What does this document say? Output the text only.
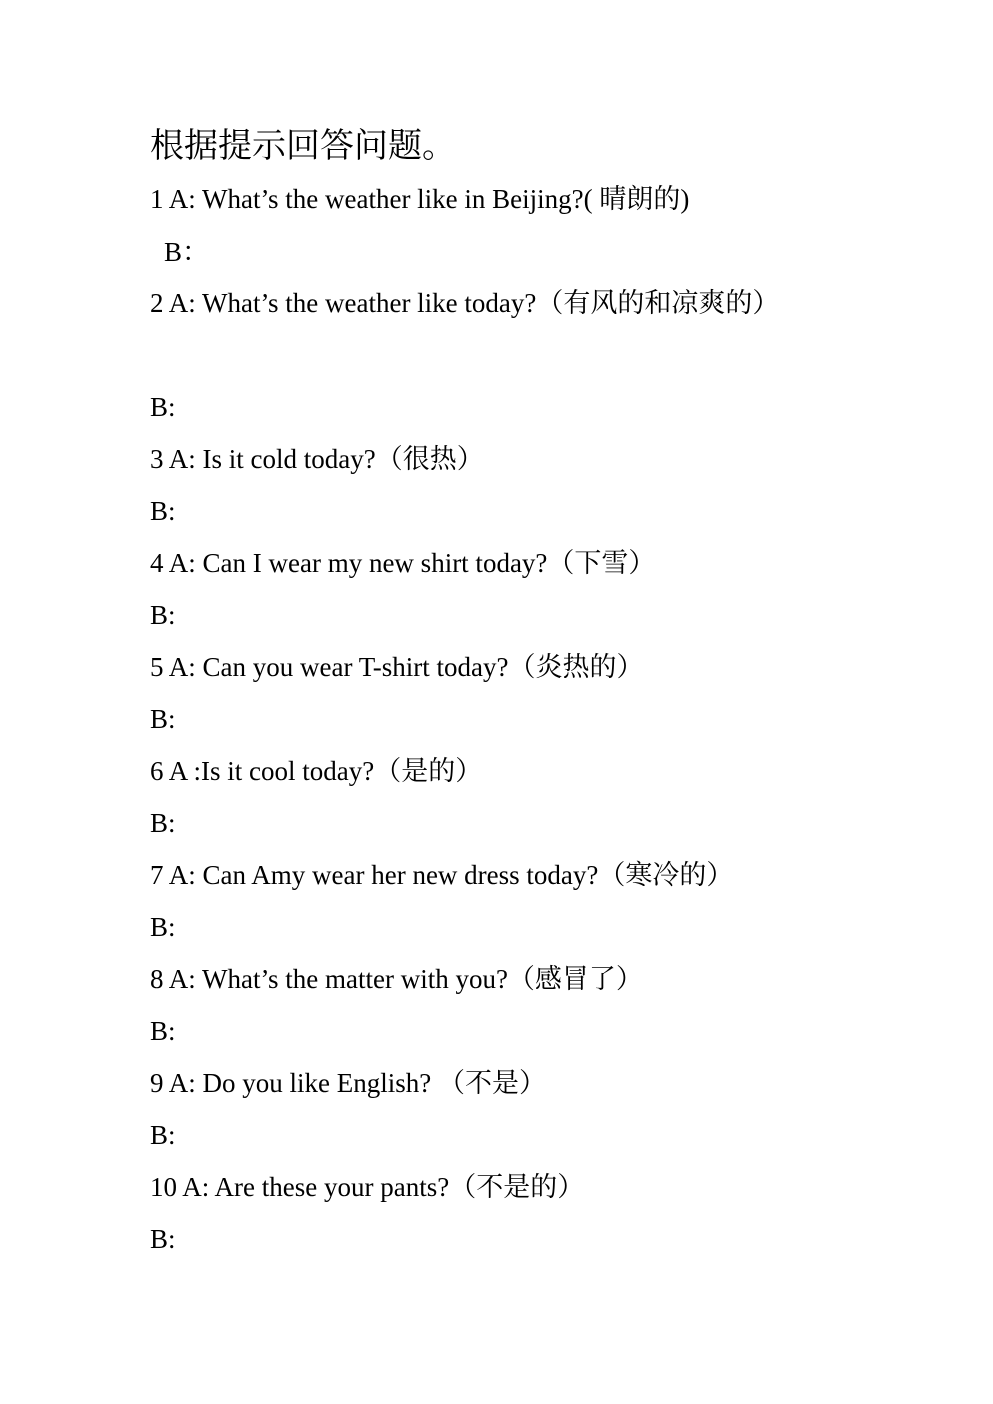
根据提示回答问题。
1 A: What’s the weather like in Beijing?( 晴朗的)
B：
2 A: What’s the weather like today?（有风的和凉爽的）
B:
3 A: Is it cold today?（很热）
B:
4 A: Can I wear my new shirt today?（下雪）
B:
5 A: Can you wear T-shirt today?（炎热的）
B:
6 A :Is it cool today?（是的）
B:
7 A: Can Amy wear her new dress today?（寒冷的）
B:
8 A: What’s the matter with you?（感冒了）
B:
9 A: Do you like English? （不是）
B:
10 A: Are these your pants?（不是的）
B:
